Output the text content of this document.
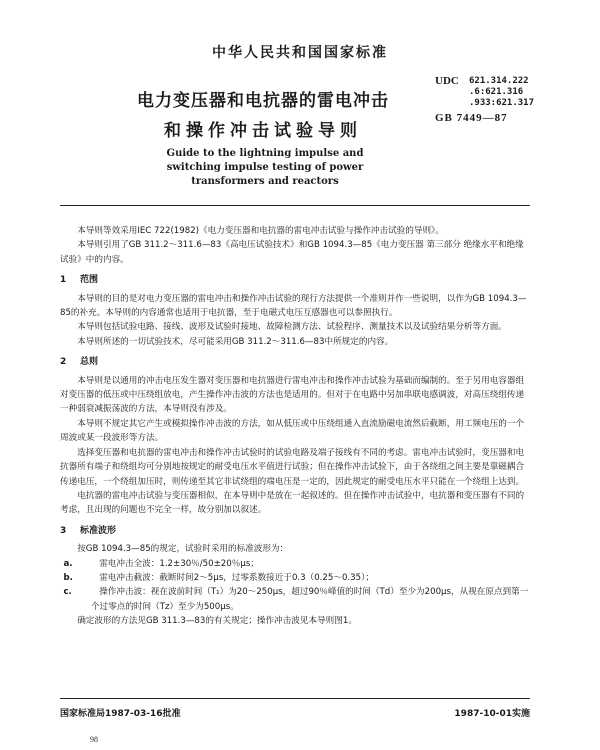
中华人民共和国国家标准
电力变压器和电抗器的雷电冲击
和操作冲击试验导则
UDC	621.314.222
.6:621.316
.933:621.317
GB 7449—87
Guide to the lightning impulse and
switching impulse testing of power
transformers and reactors

本导则等效采用IEC 722(1982)《电力变压器和电抗器的雷电冲击试验与操作冲击试验的导则》。

本导则引用了GB 311.2～311.6—83《高电压试验技术》和GB 1094.3—85《电力变压器 第三部分 绝缘水平和绝缘试验》中的内容。

1 范围

本导则的目的是对电力变压器的雷电冲击和操作冲击试验的现行方法提供一个准则并作一些说明，以作为GB 1094.3—85的补充。本导则的内容通常也适用于电抗器，至于电磁式电压互感器也可以参照执行。

本导则包括试验电路、接线、波形及试验时接地、故障检测方法、试验程序、测量技术以及试验结果分析等方面。

本导则所述的一切试验技术，尽可能采用GB 311.2～311.6—83中所规定的内容。

2 总则

本导则是以通用的冲击电压发生器对变压器和电抗器进行雷电冲击和操作冲击试验为基础而编制的。至于另用电容器组对变压器的低压或中压绕组放电，产生操作冲击波的方法也是适用的。但对于在电路中另加串联电感调波，对高压绕组传递一种弱衰减振荡波的方法，本导则没有涉及。

本导则不规定其它产生或模拟操作冲击波的方法，如从低压或中压绕组通入直流励磁电流然后截断，用工频电压的一个周波或某一段波形等方法。

选择变压器和电抗器的雷电冲击和操作冲击试验时的试验电路及端子接线有不同的考虑。雷电冲击试验时，变压器和电抗器所有端子和绕组均可分别地按规定的耐受电压水平值进行试验；但在操作冲击试验下，由于各绕组之间主要是靠磁耦合传递电压，一个绕组加压时，则传递至其它非试绕组的端电压是一定的，因此规定的耐受电压水平只能在一个绕组上达到。

电抗器的雷电冲击试验与变压器相似，在本导则中是放在一起叙述的。但在操作冲击试验中，电抗器和变压器有不同的考虑，且出现的问题也不完全一样，故分别加以叙述。

3 标准波形

按GB 1094.3—85的规定，试验时采用的标准波形为：

a.	雷电冲击全波：1.2±30％/50±20％μs；

b.	雷电冲击截波：截断时间2～5μs，过零系数接近于0.3（0.25～0.35）；

c.	操作冲击波：视在波前时间（T₁）为20～250μs，超过90％峰值的时间（Td）至少为200μs，从视在原点到第一个过零点的时间（Tz）至少为500μs。

确定波形的方法见GB 311.3—83的有关规定；操作冲击波见本导则图1。

国家标准局1987-03-16批准	1987-10-01实施
98
